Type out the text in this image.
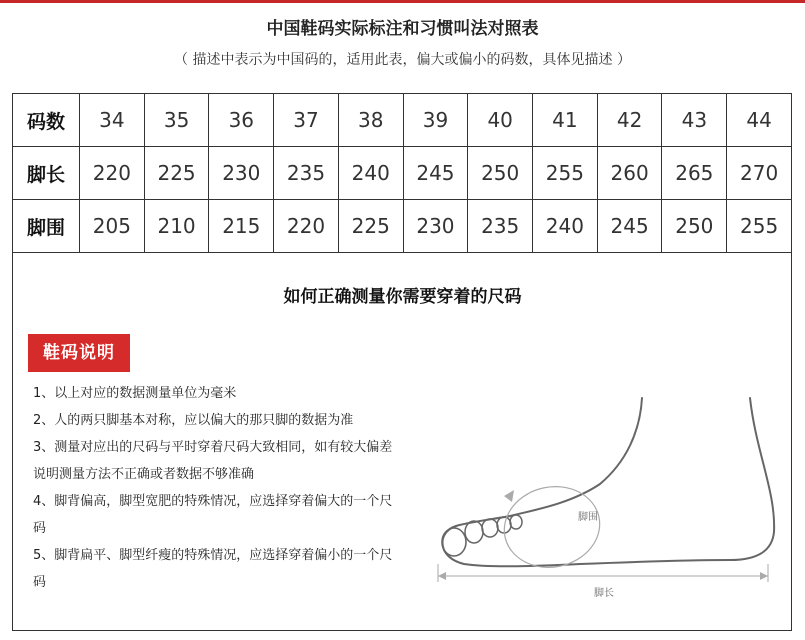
中国鞋码实际标注和习惯叫法对照表
（ 描述中表示为中国码的，适用此表，偏大或偏小的码数，具体见描述 ）
码数	34	35	36	37	38	39	40	41	42	43	44
脚长	220	225	230	235	240	245	250	255	260	265	270
脚围	205	210	215	220	225	230	235	240	245	250	255
如何正确测量你需要穿着的尺码
鞋码说明
1、以上对应的数据测量单位为毫米
2、人的两只脚基本对称，应以偏大的那只脚的数据为准
3、测量对应出的尺码与平时穿着尺码大致相同，如有较大偏差
说明测量方法不正确或者数据不够准确
4、脚背偏高，脚型宽肥的特殊情况，应选择穿着偏大的一个尺
码
5、脚背扁平、脚型纤瘦的特殊情况，应选择穿着偏小的一个尺
码
脚围
脚长
